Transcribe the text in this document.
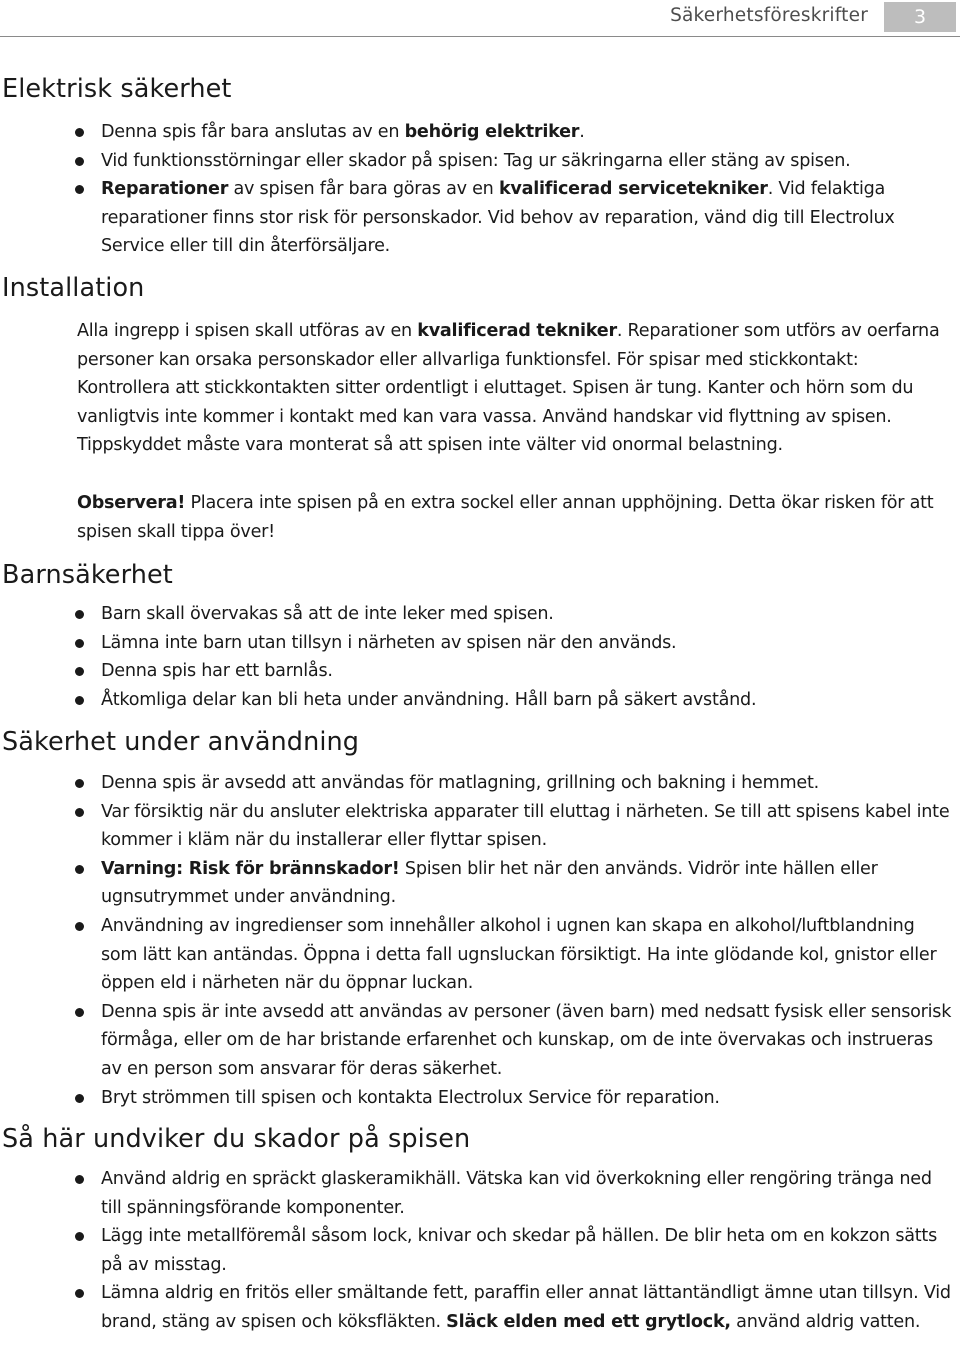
Säkerhetsföreskrifter	3
Elektrisk säkerhet
Denna spis får bara anslutas av en behörig elektriker.
Vid funktionsstörningar eller skador på spisen: Tag ur säkringarna eller stäng av spisen.
Reparationer av spisen får bara göras av en kvalificerad servicetekniker. Vid felaktiga reparationer finns stor risk för personskador. Vid behov av reparation, vänd dig till Electrolux Service eller till din återförsäljare.
Installation

Alla ingrepp i spisen skall utföras av en kvalificerad tekniker. Reparationer som utförs av oerfarna personer kan orsaka personskador eller allvarliga funktionsfel. För spisar med stickkontakt: Kontrollera att stickkontakten sitter ordentligt i eluttaget. Spisen är tung. Kanter och hörn som du vanligtvis inte kommer i kontakt med kan vara vassa. Använd handskar vid flyttning av spisen. Tippskyddet måste vara monterat så att spisen inte välter vid onormal belastning.

Observera! Placera inte spisen på en extra sockel eller annan upphöjning. Detta ökar risken för att spisen skall tippa över!

Barnsäkerhet
Barn skall övervakas så att de inte leker med spisen.
Lämna inte barn utan tillsyn i närheten av spisen när den används.
Denna spis har ett barnlås.
Åtkomliga delar kan bli heta under användning. Håll barn på säkert avstånd.
Säkerhet under användning
Denna spis är avsedd att användas för matlagning, grillning och bakning i hemmet.
Var försiktig när du ansluter elektriska apparater till eluttag i närheten. Se till att spisens kabel inte kommer i kläm när du installerar eller flyttar spisen.
Varning: Risk för brännskador! Spisen blir het när den används. Vidrör inte hällen eller ugnsutrymmet under användning.
Användning av ingredienser som innehåller alkohol i ugnen kan skapa en alkohol/luftblandning som lätt kan antändas. Öppna i detta fall ugnsluckan försiktigt. Ha inte glödande kol, gnistor eller öppen eld i närheten när du öppnar luckan.
Denna spis är inte avsedd att användas av personer (även barn) med nedsatt fysisk eller sensorisk förmåga, eller om de har bristande erfarenhet och kunskap, om de inte övervakas och instrueras av en person som ansvarar för deras säkerhet.
Bryt strömmen till spisen och kontakta Electrolux Service för reparation.
Så här undviker du skador på spisen
Använd aldrig en spräckt glaskeramikhäll. Vätska kan vid överkokning eller rengöring tränga ned till spänningsförande komponenter.
Lägg inte metallföremål såsom lock, knivar och skedar på hällen. De blir heta om en kokzon sätts på av misstag.
Lämna aldrig en fritös eller smältande fett, paraffin eller annat lättantändligt ämne utan tillsyn. Vid brand, stäng av spisen och köksfläkten. Släck elden med ett grytlock, använd aldrig vatten.
